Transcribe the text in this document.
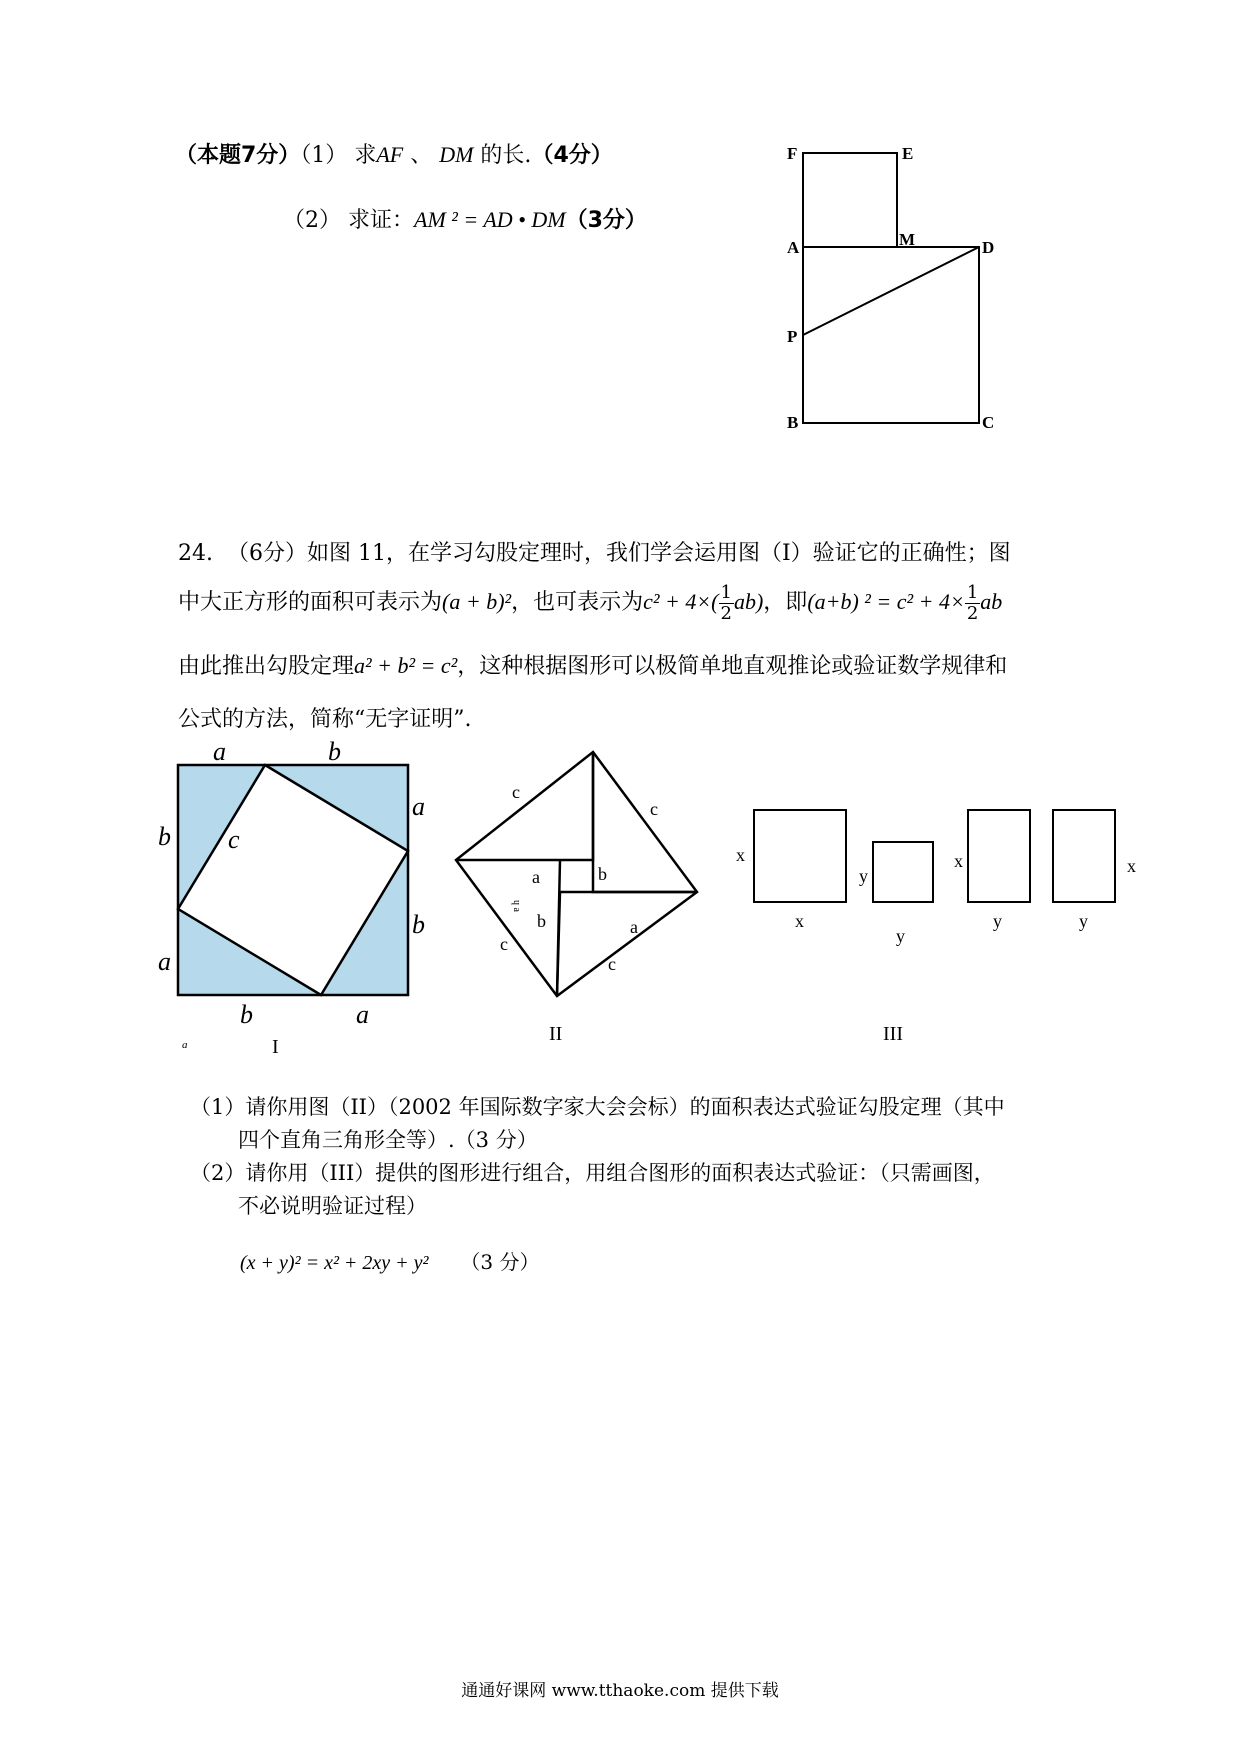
（本题7分）（1） 求AF 、 DM 的长.（4分）
（2） 求证：AM ² = AD • DM（3分）
F	E
A	M	D
P
B	C
24. （6分）如图 11，在学习勾股定理时，我们学会运用图（I）验证它的正确性；图
中大正方形的面积可表示为(a + b)²，也可表示为$c^2 + 4\times( \frac{1}{2} ab)$，即(a+b) $^2 = c^2 + 4\times \frac{1}{2}$ ab
由此推出勾股定理a² + b² = c²，这种根据图形可以极简单地直观推论或验证数学规律和
公式的方法，简称“无字证明”.
a	b
a
b
b	a
b
a
c
a	I
c
c
c
c
a
a
b
b
ɥ a
II
x
x
y
y
x
y	y
x
III
（1）请你用图（II）（2002 年国际数字家大会会标）的面积表达式验证勾股定理（其中
四个直角三角形全等）.（3 分）
（2）请你用（III）提供的图形进行组合，用组合图形的面积表达式验证：（只需画图，
不必说明验证过程）
(x + y)² = x² + 2xy + y² （3 分）
通通好课网 www.tthaoke.com 提供下载
